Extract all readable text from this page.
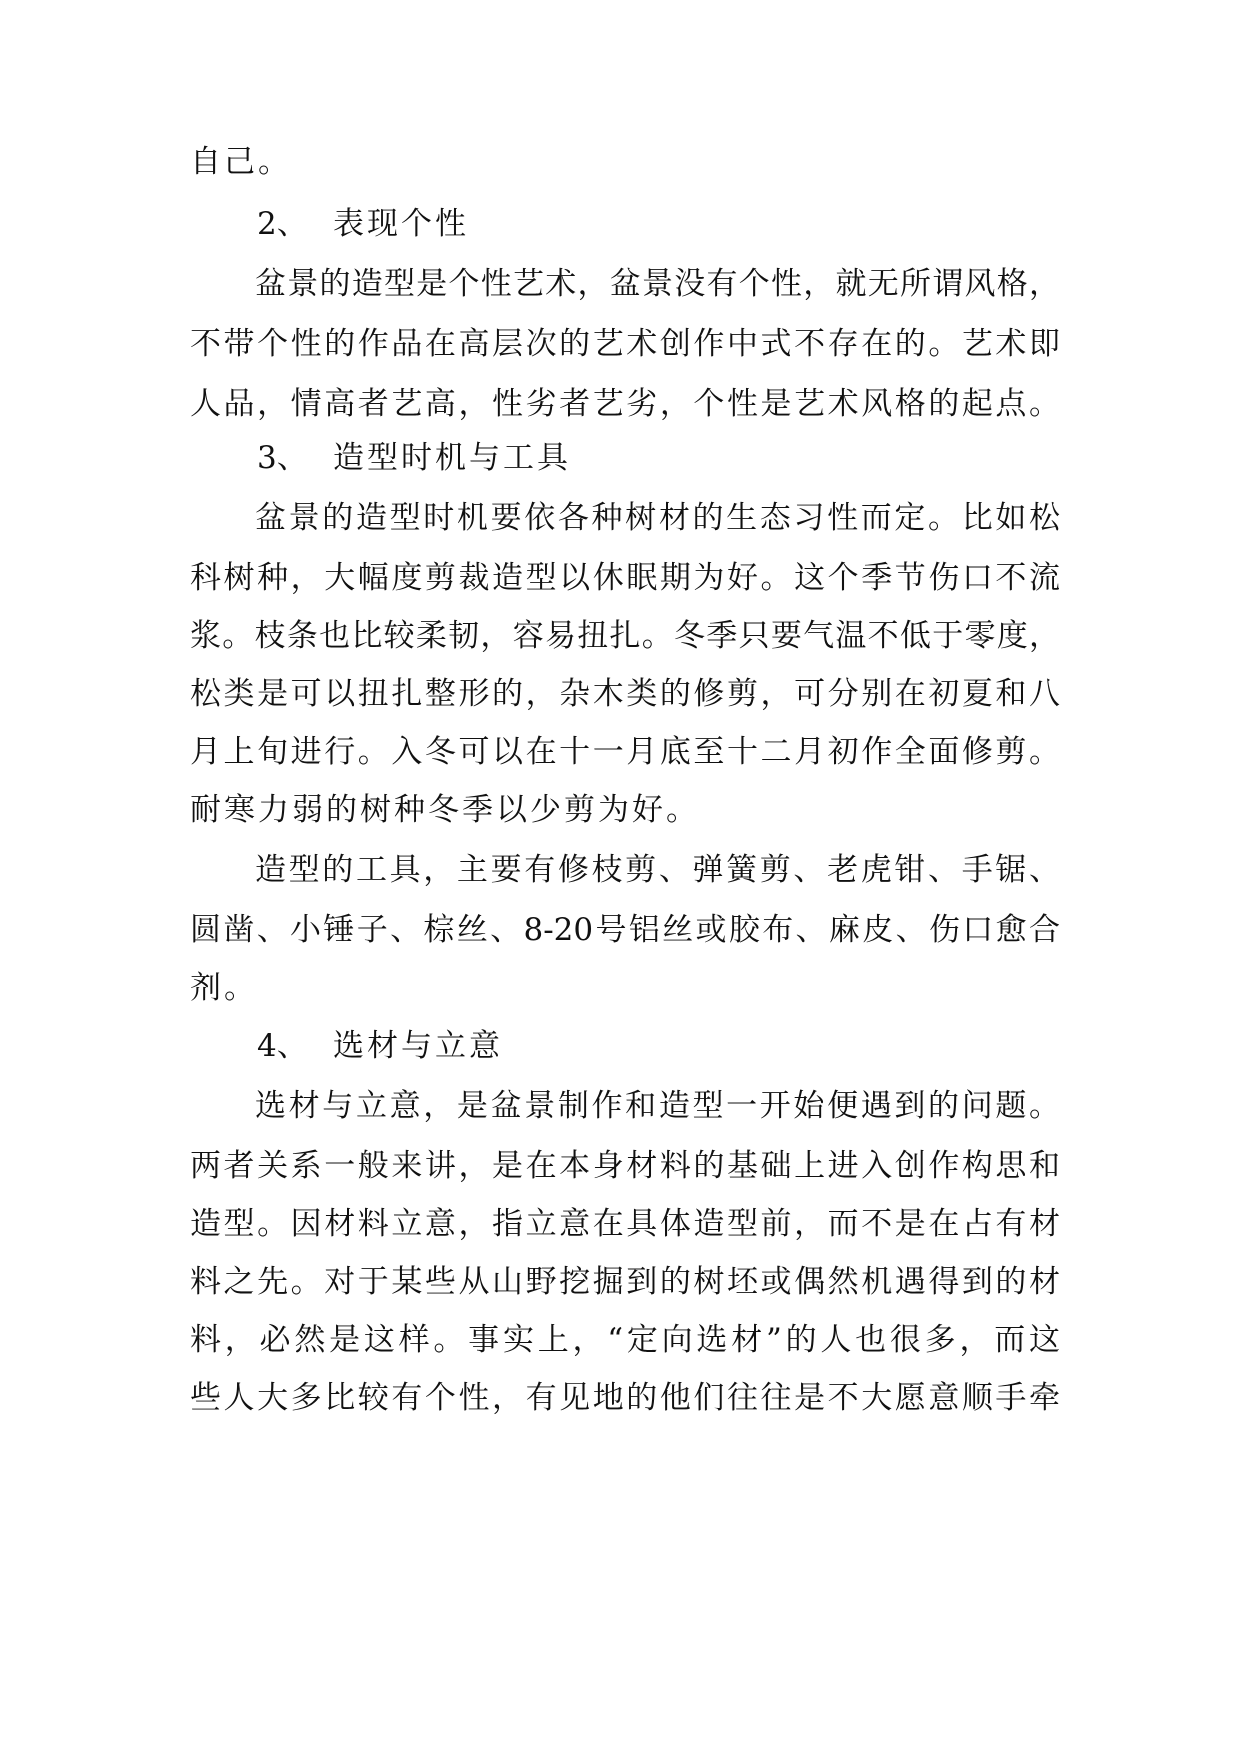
自己。
2、 表现个性
盆景的造型是个性艺术，盆景没有个性，就无所谓风格，
不带个性的作品在高层次的艺术创作中式不存在的。艺术即
人品，情高者艺高，性劣者艺劣，个性是艺术风格的起点。
3、 造型时机与工具
盆景的造型时机要依各种树材的生态习性而定。比如松
科树种，大幅度剪裁造型以休眠期为好。这个季节伤口不流
浆。枝条也比较柔韧，容易扭扎。冬季只要气温不低于零度，
松类是可以扭扎整形的，杂木类的修剪，可分别在初夏和八
月上旬进行。入冬可以在十一月底至十二月初作全面修剪。
耐寒力弱的树种冬季以少剪为好。
造型的工具，主要有修枝剪、弹簧剪、老虎钳、手锯、
圆凿、小锤子、棕丝、8-20号铝丝或胶布、麻皮、伤口愈合
剂。
4、 选材与立意
选材与立意，是盆景制作和造型一开始便遇到的问题。
两者关系一般来讲，是在本身材料的基础上进入创作构思和
造型。因材料立意，指立意在具体造型前，而不是在占有材
料之先。对于某些从山野挖掘到的树坯或偶然机遇得到的材
料，必然是这样。事实上，“定向选材”的人也很多，而这
些人大多比较有个性，有见地的他们往往是不大愿意顺手牵
